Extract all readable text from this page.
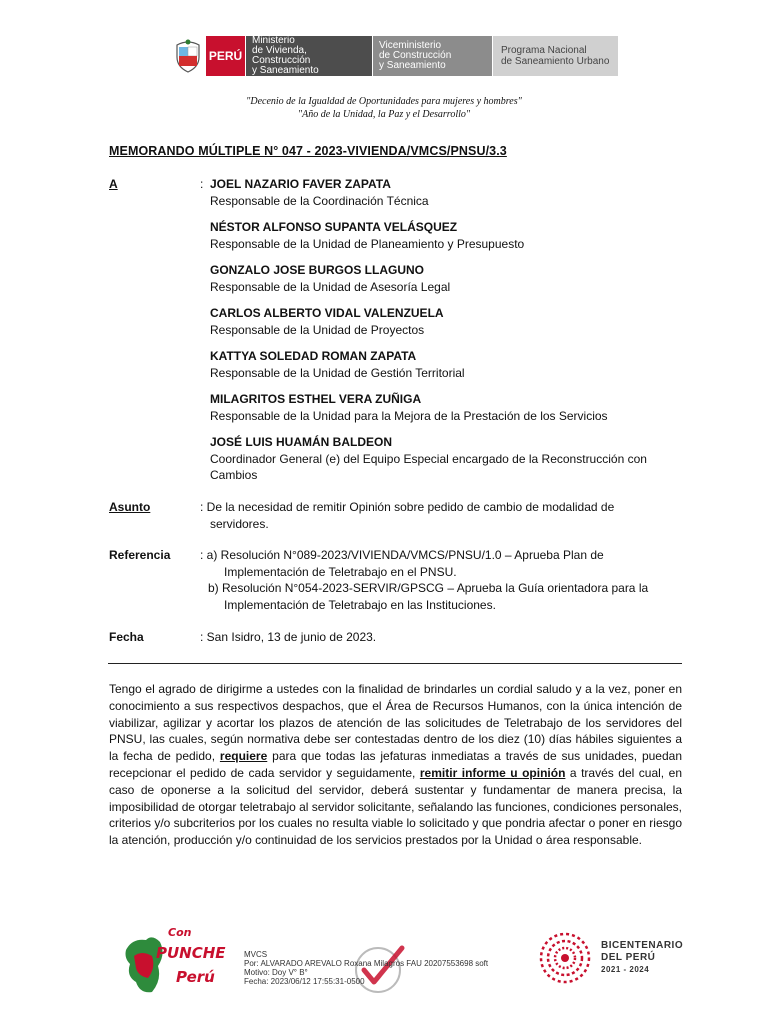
PERÚ
Ministerio
de Vivienda, Construcción
y Saneamiento
Viceministerio
de Construcción
y Saneamiento
Programa Nacional
de Saneamiento Urbano
"Decenio de la Igualdad de Oportunidades para mujeres y hombres"
"Año de la Unidad, la Paz y el Desarrollo"
MEMORANDO MÚLTIPLE N° 047 - 2023-VIVIENDA/VMCS/PNSU/3.3
A	: JOEL NAZARIO FAVER ZAPATA
Responsable de la Coordinación Técnica
NÉSTOR ALFONSO SUPANTA VELÁSQUEZ
Responsable de la Unidad de Planeamiento y Presupuesto
GONZALO JOSE BURGOS LLAGUNO
Responsable de la Unidad de Asesoría Legal
CARLOS ALBERTO VIDAL VALENZUELA
Responsable de la Unidad de Proyectos
KATTYA SOLEDAD ROMAN ZAPATA
Responsable de la Unidad de Gestión Territorial
MILAGRITOS ESTHEL VERA ZUÑIGA
Responsable de la Unidad para la Mejora de la Prestación de los Servicios
JOSÉ LUIS HUAMÁN BALDEON
Coordinador General (e) del Equipo Especial encargado de la Reconstrucción con Cambios
Asunto	: De la necesidad de remitir Opinión sobre pedido de cambio de modalidad de
servidores.
Referencia : a) Resolución N°089-2023/VIVIENDA/VMCS/PNSU/1.0 – Aprueba Plan de
Implementación de Teletrabajo en el PNSU.
b) Resolución N°054-2023-SERVIR/GPSCG – Aprueba la Guía orientadora para la
Implementación de Teletrabajo en las Instituciones.
Fecha	: San Isidro, 13 de junio de 2023.
Tengo el agrado de dirigirme a ustedes con la finalidad de brindarles un cordial saludo y a la vez, poner en conocimiento a sus respectivos despachos, que el Área de Recursos Humanos, con la única intención de viabilizar, agilizar y acortar los plazos de atención de las solicitudes de Teletrabajo de los servidores del PNSU, las cuales, según normativa debe ser contestadas dentro de los diez (10) días hábiles siguientes a la fecha de pedido, requiere para que todas las jefaturas inmediatas a través de sus unidades, puedan recepcionar el pedido de cada servidor y seguidamente, remitir informe u opinión a través del cual, en caso de oponerse a la solicitud del servidor, deberá sustentar y fundamentar de manera precisa, la imposibilidad de otorgar teletrabajo al servidor solicitante, señalando las funciones, condiciones personales, criterios y/o subcriterios por los cuales no resulta viable lo solicitado y que pondria afectar o poner en riesgo la atención, producción y/o continuidad de los servicios prestados por la Unidad o área responsable.
Con
PUNCHE
Perú
MVCS
Por: ALVARADO AREVALO Roxana Milagros FAU 20207553698 soft
Motivo: Doy V° B°
Fecha: 2023/06/12 17:55:31-0500
BICENTENARIO
DEL PERÚ
2021 - 2024
